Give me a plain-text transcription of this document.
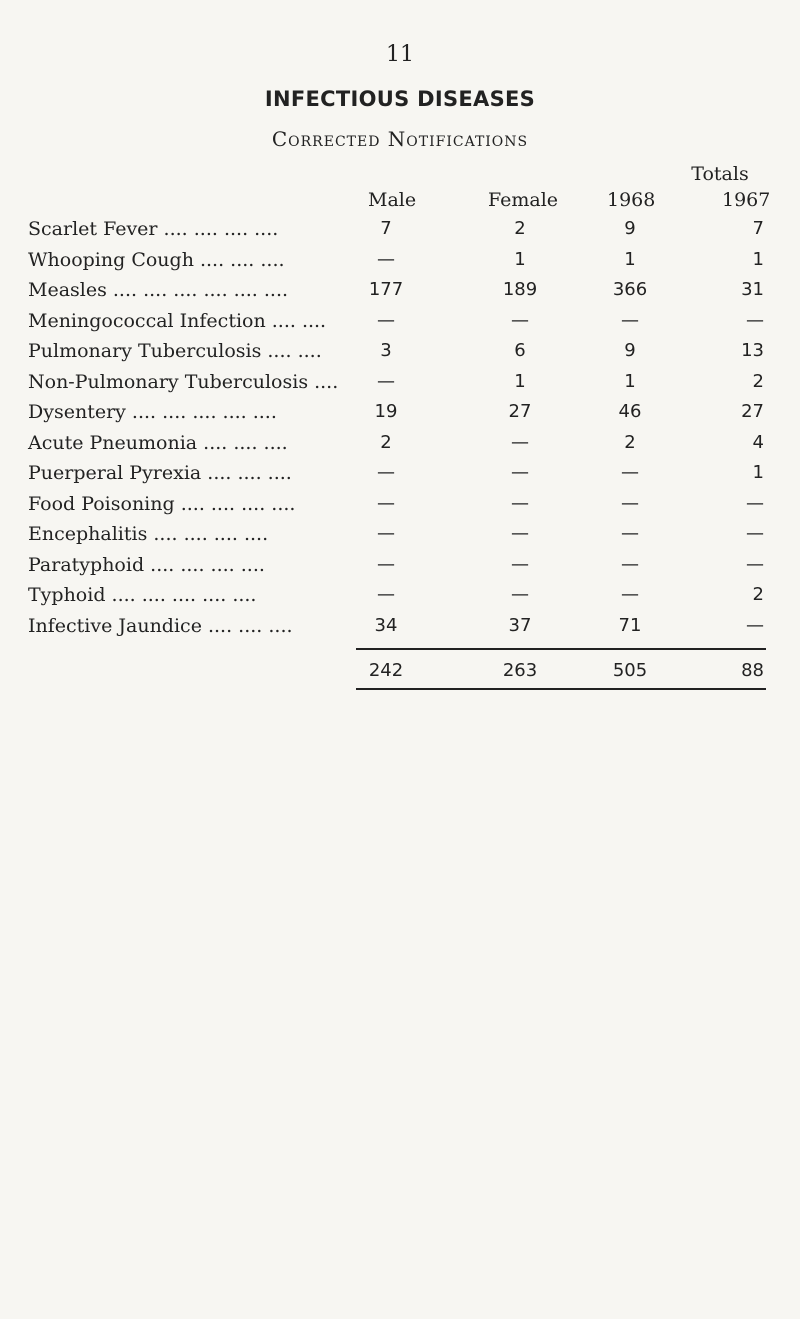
11
INFECTIOUS DISEASES
Corrected Notifications
Totals
Male	Female	1968	1967
Scarlet Fever .... .... .... ....	7	2	9	7
Whooping Cough .... .... ....	—	1	1	1
Measles .... .... .... .... .... ....	177	189	366	31
Meningococcal Infection .... ....	—	—	—	—
Pulmonary Tuberculosis .... ....	3	6	9	13
Non-Pulmonary Tuberculosis ....	—	1	1	2
Dysentery .... .... .... .... ....	19	27	46	27
Acute Pneumonia .... .... ....	2	—	2	4
Puerperal Pyrexia .... .... ....	—	—	—	1
Food Poisoning .... .... .... ....	—	—	—	—
Encephalitis .... .... .... ....	—	—	—	—
Paratyphoid .... .... .... ....	—	—	—	—
Typhoid .... .... .... .... ....	—	—	—	2
Infective Jaundice .... .... ....	34	37	71	—
242	263	505	88
